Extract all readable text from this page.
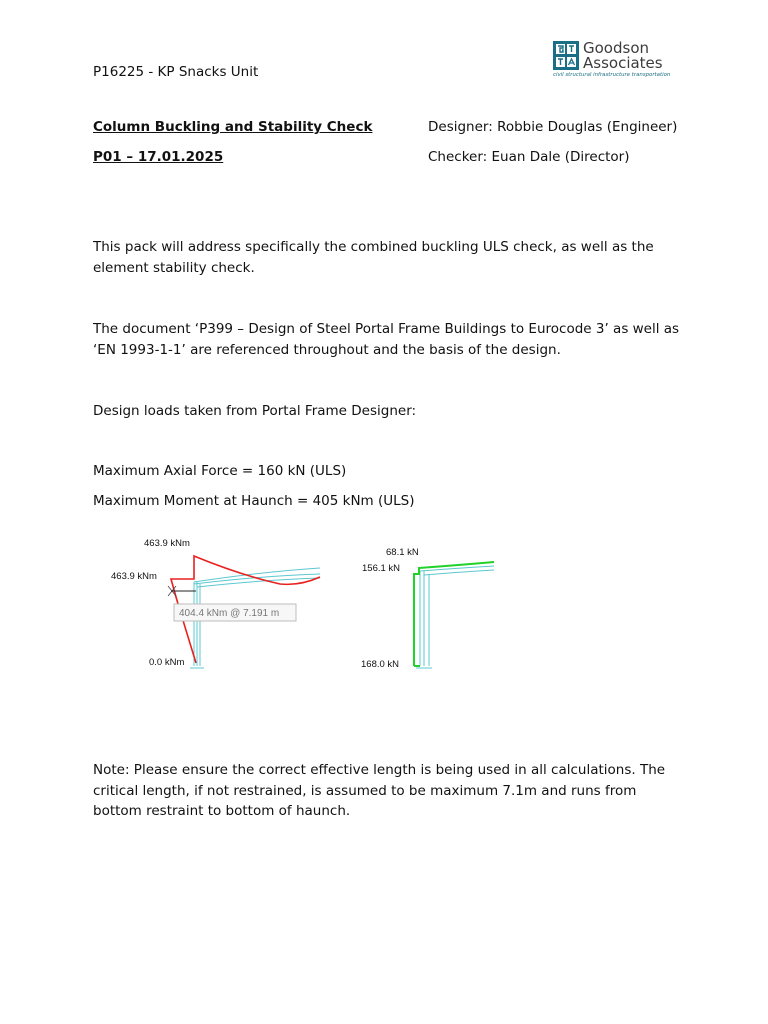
P16225 - KP Snacks Unit
Goodson
Associates
civil structural infrastructure transportation
Column Buckling and Stability Check	Designer: Robbie Douglas (Engineer)
P01 – 17.01.2025	Checker: Euan Dale (Director)
This pack will address specifically the combined buckling ULS check, as well as the element stability check.
The document ‘P399 – Design of Steel Portal Frame Buildings to Eurocode 3’ as well as ‘EN 1993-1-1’ are referenced throughout and the basis of the design.
Design loads taken from Portal Frame Designer:
Maximum Axial Force = 160 kN (ULS)
Maximum Moment at Haunch = 405 kNm (ULS)
463.9 kNm
463.9 kNm
0.0 kNm
404.4 kNm @ 7.191 m
68.1 kN
156.1 kN
168.0 kN
Note: Please ensure the correct effective length is being used in all calculations. The critical length, if not restrained, is assumed to be maximum 7.1m and runs from bottom restraint to bottom of haunch.
